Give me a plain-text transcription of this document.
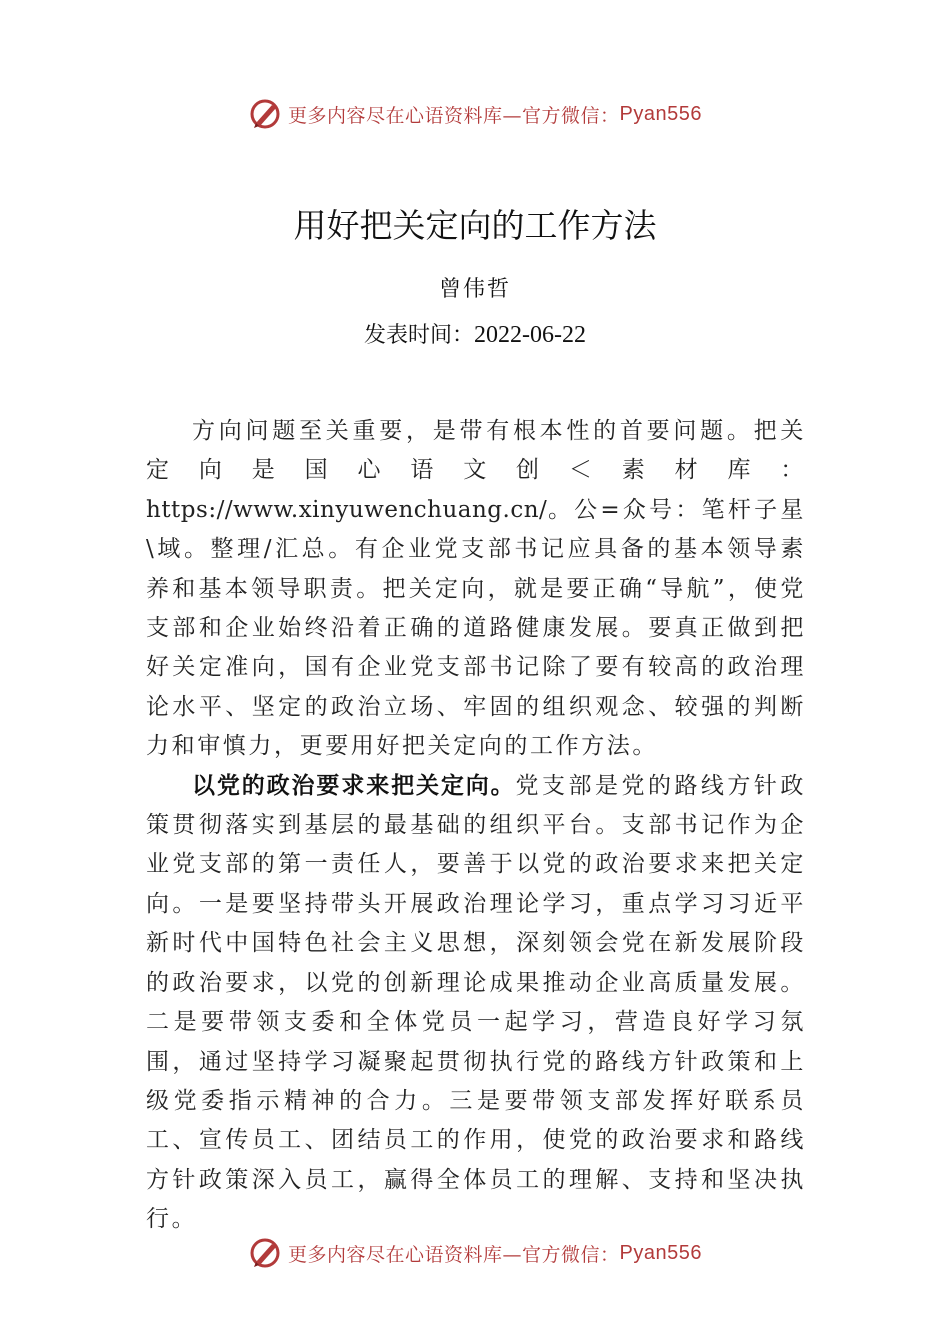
更多内容尽在心语资料库—官方微信： Pyan556
用好把关定向的工作方法
曾伟哲
发表时间：2022-06-22

方向问题至关重要，是带有根本性的首要问题。把关定向是国心语文创＜素材库：https://www.xinyuwenchuang.cn/。公=众号：笔杆子星\域。整理/汇总。有企业党支部书记应具备的基本领导素养和基本领导职责。把关定向，就是要正确“导航”，使党支部和企业始终沿着正确的道路健康发展。要真正做到把好关定准向，国有企业党支部书记除了要有较高的政治理论水平、坚定的政治立场、牢固的组织观念、较强的判断力和审慎力，更要用好把关定向的工作方法。

以党的政治要求来把关定向。党支部是党的路线方针政策贯彻落实到基层的最基础的组织平台。支部书记作为企业党支部的第一责任人，要善于以党的政治要求来把关定向。一是要坚持带头开展政治理论学习，重点学习习近平新时代中国特色社会主义思想，深刻领会党在新发展阶段的政治要求，以党的创新理论成果推动企业高质量发展。二是要带领支委和全体党员一起学习，营造良好学习氛围，通过坚持学习凝聚起贯彻执行党的路线方针政策和上级党委指示精神的合力。三是要带领支部发挥好联系员工、宣传员工、团结员工的作用，使党的政治要求和路线方针政策深入员工，赢得全体员工的理解、支持和坚决执行。

更多内容尽在心语资料库—官方微信： Pyan556
